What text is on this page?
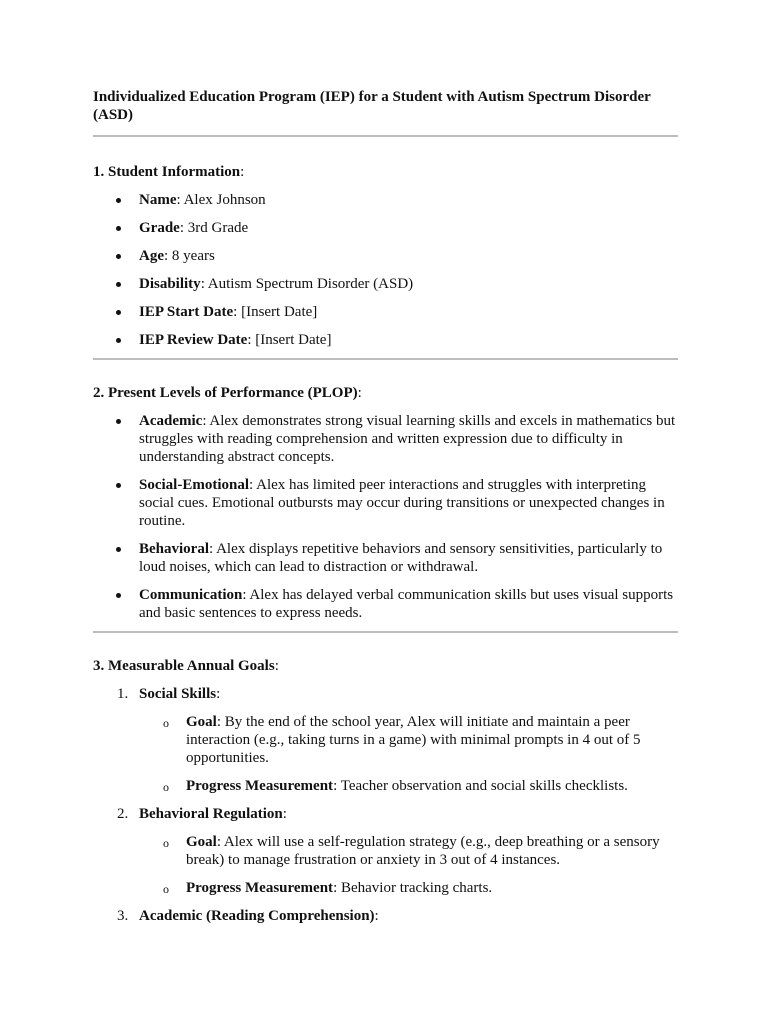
Individualized Education Program (IEP) for a Student with Autism Spectrum Disorder (ASD)

1. Student Information:

Name: Alex Johnson
Grade: 3rd Grade
Age: 8 years
Disability: Autism Spectrum Disorder (ASD)
IEP Start Date: [Insert Date]
IEP Review Date: [Insert Date]

2. Present Levels of Performance (PLOP):

Academic: Alex demonstrates strong visual learning skills and excels in mathematics but struggles with reading comprehension and written expression due to difficulty in understanding abstract concepts.
Social-Emotional: Alex has limited peer interactions and struggles with interpreting social cues. Emotional outbursts may occur during transitions or unexpected changes in routine.
Behavioral: Alex displays repetitive behaviors and sensory sensitivities, particularly to loud noises, which can lead to distraction or withdrawal.
Communication: Alex has delayed verbal communication skills but uses visual supports and basic sentences to express needs.

3. Measurable Annual Goals:

1. Social Skills:
o Goal: By the end of the school year, Alex will initiate and maintain a peer interaction (e.g., taking turns in a game) with minimal prompts in 4 out of 5 opportunities.
o Progress Measurement: Teacher observation and social skills checklists.
2. Behavioral Regulation:
o Goal: Alex will use a self-regulation strategy (e.g., deep breathing or a sensory break) to manage frustration or anxiety in 3 out of 4 instances.
o Progress Measurement: Behavior tracking charts.
3. Academic (Reading Comprehension):
